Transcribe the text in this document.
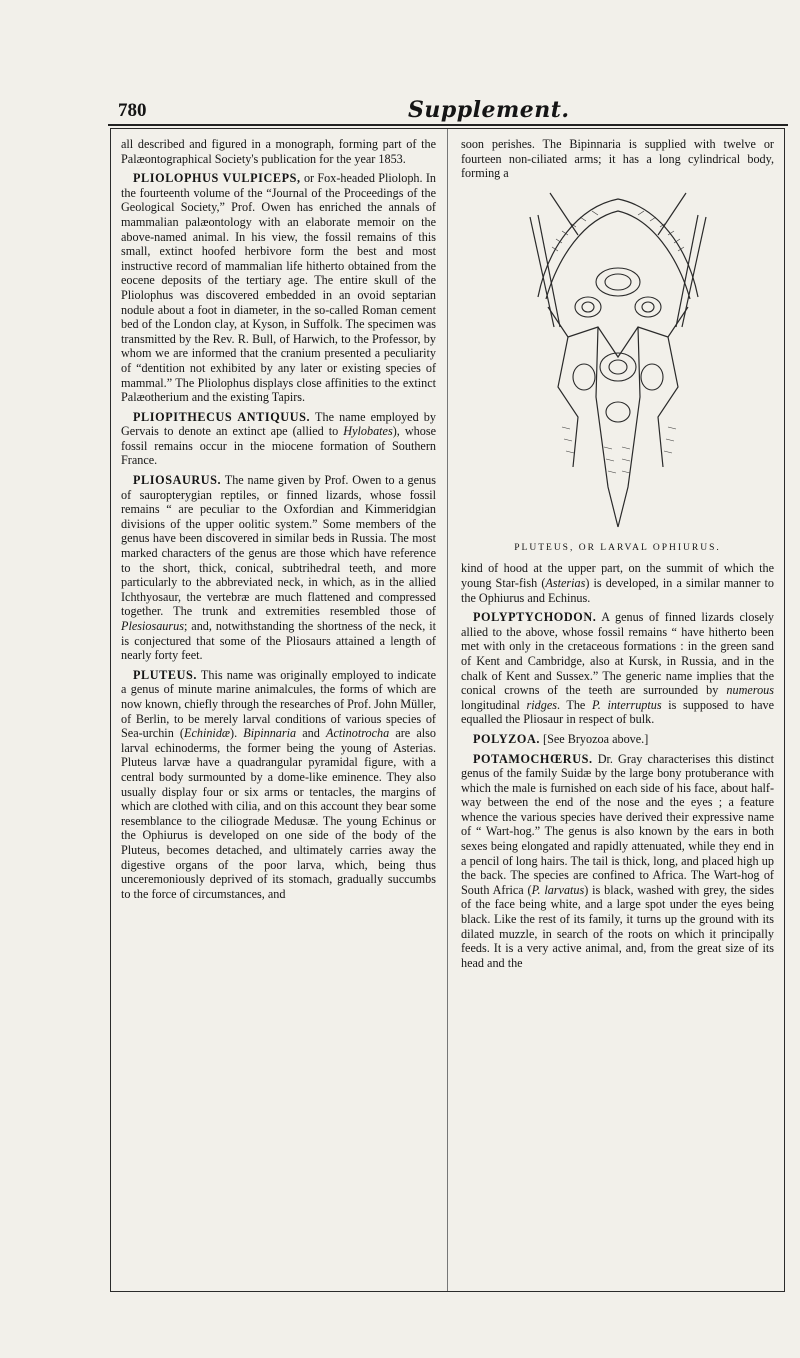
780	Supplement.

all described and figured in a monograph, forming part of the Palæontographical Society's publication for the year 1853.

PLIOLOPHUS VULPICEPS, or Fox-headed Plioloph. In the fourteenth volume of the “Journal of the Proceedings of the Geological Society,” Prof. Owen has enriched the annals of mammalian palæontology with an elaborate memoir on the above-named animal. In his view, the fossil remains of this small, extinct hoofed herbivore form the best and most instructive record of mammalian life hitherto obtained from the eocene deposits of the tertiary age. The entire skull of the Pliolophus was discovered embedded in an ovoid septarian nodule about a foot in diameter, in the so-called Roman cement bed of the London clay, at Kyson, in Suffolk. The specimen was transmitted by the Rev. R. Bull, of Harwich, to the Professor, by whom we are informed that the cranium presented a peculiarity of “dentition not exhibited by any later or existing species of mammal.” The Pliolophus displays close affinities to the extinct Palæotherium and the existing Tapirs.

PLIOPITHECUS ANTIQUUS. The name employed by Gervais to denote an extinct ape (allied to Hylobates), whose fossil remains occur in the miocene formation of Southern France.

PLIOSAURUS. The name given by Prof. Owen to a genus of sauropterygian reptiles, or finned lizards, whose fossil remains “ are peculiar to the Oxfordian and Kimmeridgian divisions of the upper oolitic system.” Some members of the genus have been discovered in similar beds in Russia. The most marked characters of the genus are those which have reference to the short, thick, conical, subtrihedral teeth, and more particularly to the abbreviated neck, in which, as in the allied Ichthyosaur, the vertebræ are much flattened and compressed together. The trunk and extremities resembled those of Plesiosaurus; and, notwithstanding the shortness of the neck, it is conjectured that some of the Pliosaurs attained a length of nearly forty feet.

PLUTEUS. This name was originally employed to indicate a genus of minute marine animalcules, the forms of which are now known, chiefly through the researches of Prof. John Müller, of Berlin, to be merely larval conditions of various species of Sea-urchin (Echinidæ). Bipinnaria and Actinotrocha are also larval echinoderms, the former being the young of Asterias. Pluteus larvæ have a quadrangular pyramidal figure, with a central body surmounted by a dome-like eminence. They also usually display four or six arms or tentacles, the margins of which are clothed with cilia, and on this account they bear some resemblance to the ciliograde Medusæ. The young Echinus or the Ophiurus is developed on one side of the body of the Pluteus, becomes detached, and ultimately carries away the digestive organs of the poor larva, which, being thus unceremoniously deprived of its stomach, gradually succumbs to the force of circumstances, and

soon perishes. The Bipinnaria is supplied with twelve or fourteen non-ciliated arms; it has a long cylindrical body, forming a

PLUTEUS, OR LARVAL OPHIURUS.

kind of hood at the upper part, on the summit of which the young Star-fish (Asterias) is developed, in a similar manner to the Ophiurus and Echinus.

POLYPTYCHODON. A genus of finned lizards closely allied to the above, whose fossil remains “ have hitherto been met with only in the cretaceous formations : in the green sand of Kent and Cambridge, also at Kursk, in Russia, and in the chalk of Kent and Sussex.” The generic name implies that the conical crowns of the teeth are surrounded by numerous longitudinal ridges. The P. interruptus is supposed to have equalled the Pliosaur in respect of bulk.

POLYZOA. [See Bryozoa above.]

POTAMOCHŒRUS. Dr. Gray characterises this distinct genus of the family Suidæ by the large bony protuberance with which the male is furnished on each side of his face, about half-way between the end of the nose and the eyes ; a feature whence the various species have derived their expressive name of “ Wart-hog.” The genus is also known by the ears in both sexes being elongated and rapidly attenuated, while they end in a pencil of long hairs. The tail is thick, long, and placed high up the back. The species are confined to Africa. The Wart-hog of South Africa (P. larvatus) is black, washed with grey, the sides of the face being white, and a large spot under the eyes being black. Like the rest of its family, it turns up the ground with its dilated muzzle, in search of the roots on which it principally feeds. It is a very active animal, and, from the great size of its head and the
